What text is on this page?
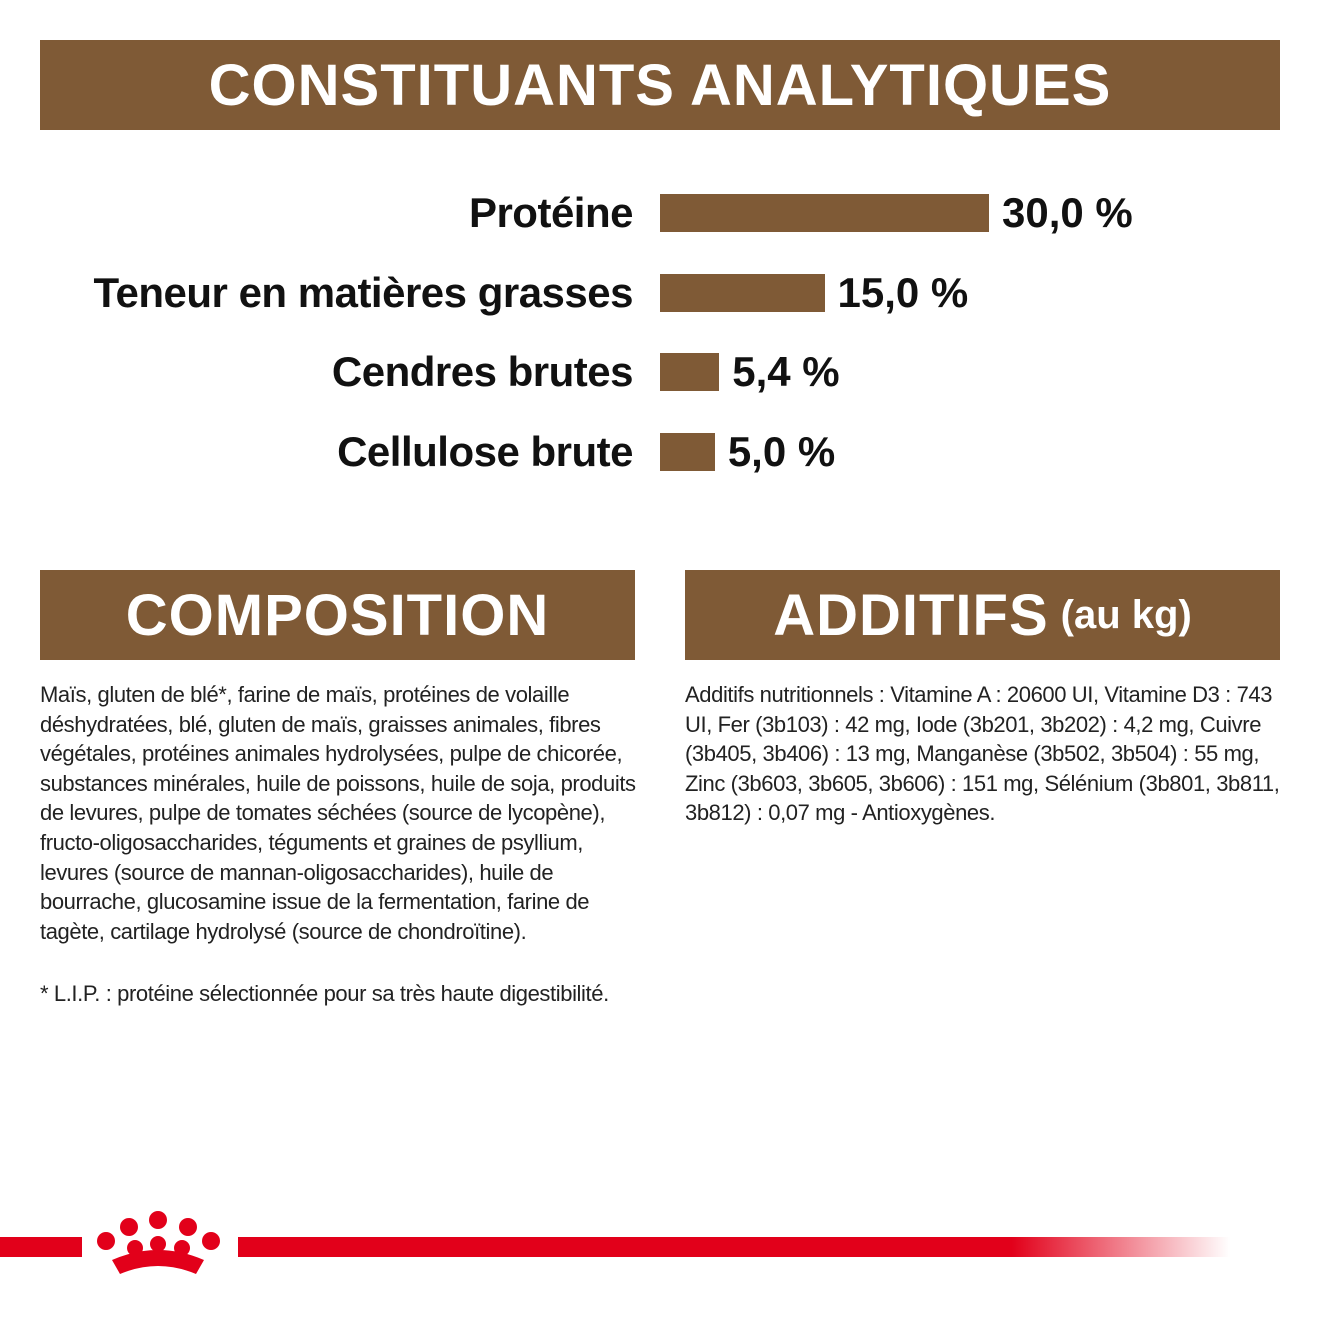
CONSTITUANTS ANALYTIQUES
Protéine	30,0 %
Teneur en matières grasses	15,0 %
Cendres brutes 5,4 %
Cellulose brute 5,0 %
COMPOSITION	ADDITIFS (au kg)
Maïs, gluten de blé*, farine de maïs, protéines de volaille déshydratées, blé, gluten de maïs, graisses animales, fibres végétales, protéines animales hydrolysées, pulpe de chicorée, substances minérales, huile de poissons, huile de soja, produits de levures, pulpe de tomates séchées (source de lycopène), fructo-oligosaccharides, téguments et graines de psyllium, levures (source de mannan-oligosaccharides), huile de bourrache, glucosamine issue de la fermentation, farine de tagète, cartilage hydrolysé (source de chondroïtine).
* L.I.P. : protéine sélectionnée pour sa très haute digestibilité.
Additifs nutritionnels : Vitamine A : 20600 UI, Vitamine D3 : 743 UI, Fer (3b103) : 42 mg, Iode (3b201, 3b202) : 4,2 mg, Cuivre (3b405, 3b406) : 13 mg, Manganèse (3b502, 3b504) : 55 mg, Zinc (3b603, 3b605, 3b606) : 151 mg, Sélénium (3b801, 3b811, 3b812) : 0,07 mg - Antioxygènes.
